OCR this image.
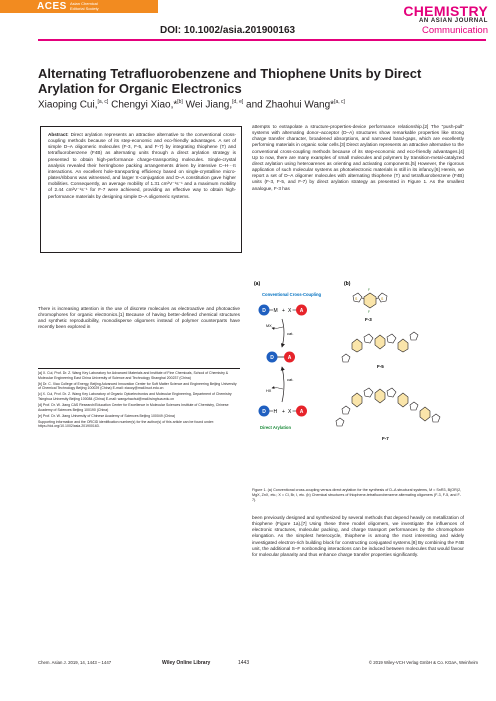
ACES Asian Chemical Editorial Society
DOI: 10.1002/asia.201900163
CHEMISTRY
AN ASIAN JOURNAL
Communication
Alternating Tetrafluorobenzene and Thiophene Units by Direct Arylation for Organic Electronics
Xiaoping Cui,[a, c] Chengyi Xiao,*[b] Wei Jiang,[d, e] and Zhaohui Wang*[a, c]
Abstract: Direct arylation represents an attractive alternative to the conventional cross-coupling methods because of its step-economic and eco-friendly advantages. A set of simple D–A oligomeric molecules (F-3, F-5, and F-7) by integrating thiophene (T) and tetrafluorobenzene (F4B) as alternating units through a direct arylation strategy is presented to obtain high-performance charge-transporting molecules. Single-crystal analysis revealed their herringbone packing arrangements driven by intensive C–H···π interactions. An excellent hole-transporting efficiency based on single-crystalline micro-plates/ribbons was witnessed, and larger π-conjugation and D–A constitution gave higher mobilities. Consequently, an average mobility of 1.31 cm²V⁻¹s⁻¹ and a maximum mobility of 2.44 cm²V⁻¹s⁻¹ for F-7 were achieved, providing an effective way to obtain high-performance materials by designing simple D–A oligomeric systems.
There is increasing attention in the use of discrete molecules as electroactive and photoactive chromophores for organic electronics.[1] Because of having better-defined chemical structures and synthetic reproducibility, monodisperse oligomers instead of polymer counterparts have recently been explored in
attempts to extrapolate a structure-properties-device performance relationship.[2] The "push-pull" systems with alternating donor–acceptor (D–A) structures show remarkable properties like strong charge transfer character, broadened absorptions, and narrowed band-gaps, which are excellently performing materials in organic solar cells.[3] Direct arylation represents an attractive alternative to the conventional cross-coupling methods because of its step-economic and eco-friendly advantages.[4] Up to now, there are many examples of small molecules and polymers by transition-metal-catalyzed direct arylation using heteroarenes as orienting and activating components.[5] However, the rigorous application of such molecular systems as photoelectronic materials is still in its infancy.[6] Herein, we report a set of D–A oligomer molecules with alternating thiophene (T) and tetrafluorobenzene (F4B) units (F-3, F-5, and F-7) by direct arylation strategy as presented in Figure 1. As the smallest analogue, F-3 has
been previously designed and synthesized by several methods that depend heavily on metallization of thiophene (Figure 1a).[7] Using these three model oligomers, we investigate the influences of electronic structures, molecular packing, and charge transport performances by the chromophore elongation. As the simplest heterocycle, thiophene is among the most interesting and widely investigated electron-rich building block for constructing conjugated systems.[8] By combining the F4B unit, the additional S–F nonbonding interactions can be induced between molecules that would favour for molecular planarity and thus enhance charge transfer properties significantly.

[a] X. Cui, Prof. Dr. Z. Wang Key Laboratory for Advanced Materials and Institute of Fine Chemicals, School of Chemistry & Molecular Engineering East China University of Science and Technology Shanghai 200237 (China)

[b] Dr. C. Xiao College of Energy, Beijing Advanced Innovation Center for Soft Matter Science and Engineering Beijing University of Chemical Technology Beijing 100029 (China) E-mail: xiaocy@mail.buct.edu.cn

[c] X. Cui, Prof. Dr. Z. Wang Key Laboratory of Organic Optoelectronics and Molecular Engineering, Department of Chemistry Tsinghua University Beijing 100084 (China) E-mail: wangzhaohui@mail.tsinghua.edu.cn

[d] Prof. Dr. W. Jiang CAS Research/Education Center for Excellence in Molecular Sciences Institute of Chemistry, Chinese Academy of Sciences Beijing 100190 (China)

[e] Prof. Dr. W. Jiang University of Chinese Academy of Sciences Beijing 100049 (China)

Supporting information and the ORCID identification number(s) for the author(s) of this article can be found under: https://doi.org/10.1002/asia.201900163.

(a)	(b)
Conventional Cross-Coupling
D M + X A
MX
cat.
D	A
cat.
HX
D H + X A
Direct Arylation
S	S
F
F
F-3
F-5
F-7
Figure 1. (a) Conventional cross-coupling versus direct arylation for the synthesis of D–A structural systems, M = SnR3, B(OR)2, MgX, ZnX, etc.; X = Cl, Br, I, etc. (b) Chemical structures of thiophene-tetrafluorobenzene alternating oligomers (F-3, F-5, and F-7).
Chem. Asian J. 2019, 14, 1443 – 1447	Wiley Online Library	1443	© 2019 Wiley-VCH Verlag GmbH & Co. KGaA, Weinheim
